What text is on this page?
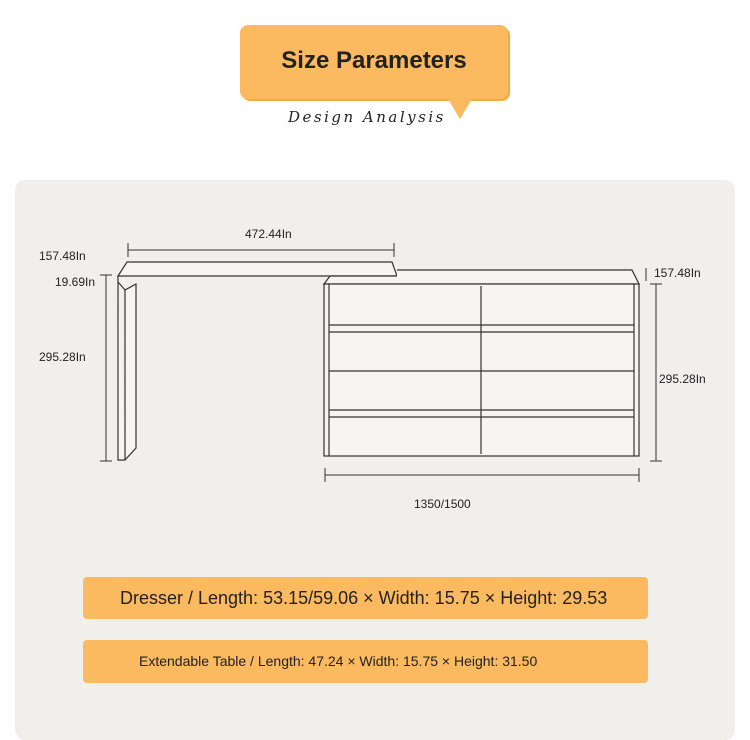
Size Parameters
Design Analysis
472.44In
157.48In
19.69In
295.28In
157.48In
295.28In
1350/1500
Dresser / Length: 53.15/59.06 × Width: 15.75 × Height: 29.53
Extendable Table / Length: 47.24 × Width: 15.75 × Height: 31.50
